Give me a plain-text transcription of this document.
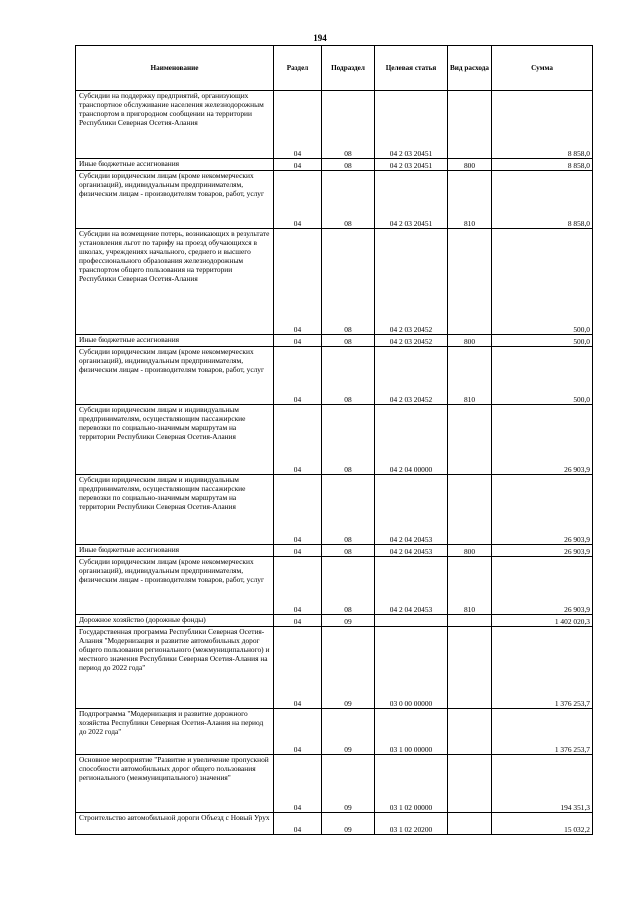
194
Наименование	Раздел	Подраздел	Целевая статья	Вид расхода	Сумма
Субсидии на поддержку предприятий, организующих транспортное обслуживание населения железнодорожным транспортом в пригородном сообщении на территории Республики Северная Осетия-Алания	04	08	04 2 03 20451		8 858,0
Иные бюджетные ассигнования	04	08	04 2 03 20451	800	8 858,0
Субсидии юридическим лицам (кроме некоммерческих организаций), индивидуальным предпринимателям, физическим лицам - производителям товаров, работ, услуг	04	08	04 2 03 20451	810	8 858,0
Субсидии на возмещение потерь, возникающих в результате установления льгот по тарифу на проезд обучающихся в школах, учреждениях начального, среднего и высшего профессионального образования железнодорожным транспортом общего пользования на территории Республики Северная Осетия-Алания	04	08	04 2 03 20452		500,0
Иные бюджетные ассигнования	04	08	04 2 03 20452	800	500,0
Субсидии юридическим лицам (кроме некоммерческих организаций), индивидуальным предпринимателям, физическим лицам - производителям товаров, работ, услуг	04	08	04 2 03 20452	810	500,0
Субсидии юридическим лицам и индивидуальным предпринимателям, осуществляющим пассажирские перевозки по социально-значимым маршрутам на территории Республики Северная Осетия-Алания	04	08	04 2 04 00000		26 903,9
Субсидии юридическим лицам и индивидуальным предпринимателям, осуществляющим пассажирские перевозки по социально-значимым маршрутам на территории Республики Северная Осетия-Алания	04	08	04 2 04 20453		26 903,9
Иные бюджетные ассигнования	04	08	04 2 04 20453	800	26 903,9
Субсидии юридическим лицам (кроме некоммерческих организаций), индивидуальным предпринимателям, физическим лицам - производителям товаров, работ, услуг	04	08	04 2 04 20453	810	26 903,9
Дорожное хозяйство (дорожные фонды)	04	09			1 402 020,3
Государственная программа Республики Северная Осетия-Алания "Модернизация и развитие автомобильных дорог общего пользования регионального (межмуниципального) и местного значения Республики Северная Осетия-Алания на период до 2022 года"	04	09	03 0 00 00000		1 376 253,7
Подпрограмма "Модернизация и развитие дорожного хозяйства Республики Северная Осетия-Алания на период до 2022 года"	04	09	03 1 00 00000		1 376 253,7
Основное мероприятие "Развитие и увеличение пропускной способности автомобильных дорог общего пользования регионального (межмуниципального) значения"	04	09	03 1 02 00000		194 351,3
Строительство автомобильной дороги Объезд с Новый Урух	04	09	03 1 02 20200		15 032,2
